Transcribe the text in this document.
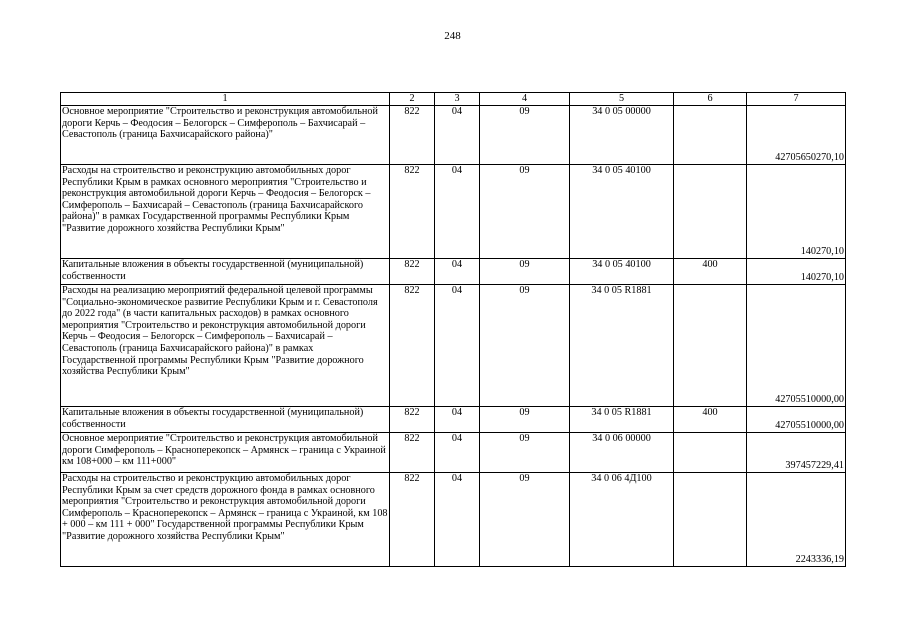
248
1	2	3	4	5	6	7
Основное мероприятие "Строительство и реконструкция автомобильной дороги Керчь – Феодосия – Белогорск – Симферополь – Бахчисарай – Севастополь (граница Бахчисарайского района)"	822	04	09	34 0 05 00000		42705650270,10
Расходы на строительство и реконструкцию автомобильных дорог Республики Крым в рамках основного мероприятия "Строительство и реконструкция автомобильной дороги Керчь – Феодосия – Белогорск – Симферополь – Бахчисарай – Севастополь (граница Бахчисарайского района)" в рамках Государственной программы Республики Крым "Развитие дорожного хозяйства Республики Крым"	822	04	09	34 0 05 40100		140270,10
Капитальные вложения в объекты государственной (муниципальной) собственности	822	04	09	34 0 05 40100	400	140270,10
Расходы на реализацию мероприятий федеральной целевой программы "Социально-экономическое развитие Республики Крым и г. Севастополя до 2022 года" (в части капитальных расходов) в рамках основного мероприятия "Строительство и реконструкция автомобильной дороги Керчь – Феодосия – Белогорск – Симферополь – Бахчисарай – Севастополь (граница Бахчисарайского района)" в рамках Государственной программы Республики Крым "Развитие дорожного хозяйства Республики Крым"	822	04	09	34 0 05 R1881		42705510000,00
Капитальные вложения в объекты государственной (муниципальной) собственности	822	04	09	34 0 05 R1881	400	42705510000,00
Основное мероприятие "Строительство и реконструкция автомобильной дороги Симферополь – Красноперекопск – Армянск – граница с Украиной км 108+000 – км 111+000"	822	04	09	34 0 06 00000		397457229,41
Расходы на строительство и реконструкцию автомобильных дорог Республики Крым за счет средств дорожного фонда в рамках основного мероприятия "Строительство и реконструкция автомобильной дороги Симферополь – Красноперекопск – Армянск – граница с Украиной, км 108 + 000 – км 111 + 000" Государственной программы Республики Крым "Развитие дорожного хозяйства Республики Крым"	822	04	09	34 0 06 4Д100		2243336,19
